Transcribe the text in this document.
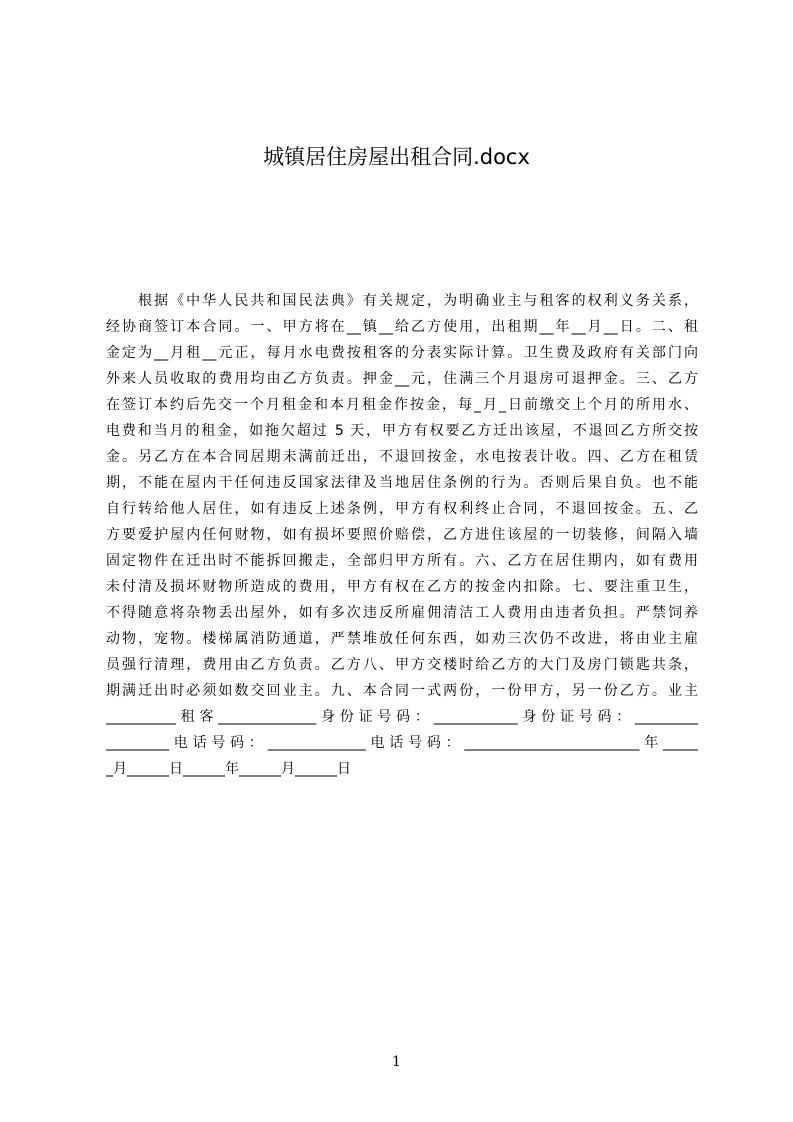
城镇居住房屋出租合同.docx
根据《中华人民共和国民法典》有关规定，为明确业主与租客的权利义务关系，
经协商签订本合同。一、甲方将在__镇__给乙方使用，出租期__年__月__日。二、租
金定为__月租__元正，每月水电费按租客的分表实际计算。卫生费及政府有关部门向
外来人员收取的费用均由乙方负责。押金__元，住满三个月退房可退押金。三、乙方
在签订本约后先交一个月租金和本月租金作按金，每_月_日前缴交上个月的所用水、
电费和当月的租金，如拖欠超过 5 天，甲方有权要乙方迁出该屋，不退回乙方所交按
金。另乙方在本合同居期未满前迁出，不退回按金，水电按表计收。四、乙方在租赁
期，不能在屋内干任何违反国家法律及当地居住条例的行为。否则后果自负。也不能
自行转给他人居住，如有违反上述条例，甲方有权利终止合同，不退回按金。五、乙
方要爱护屋内任何财物，如有损坏要照价赔偿，乙方进住该屋的一切装修，间隔入墙
固定物件在迁出时不能拆回搬走，全部归甲方所有。六、乙方在居住期内，如有费用
未付清及损坏财物所造成的费用，甲方有权在乙方的按金内扣除。七、要注重卫生，
不得随意将杂物丢出屋外，如有多次违反所雇佣清洁工人费用由违者负担。严禁饲养
动物，宠物。楼梯属消防通道，严禁堆放任何东西，如劝三次仍不改进，将由业主雇
员强行清理，费用由乙方负责。乙方八、甲方交楼时给乙方的大门及房门锁匙共条，
期满迁出时必须如数交回业主。九、本合同一式两份，一份甲方，另一份乙方。业主
__________租客______________身份证号码：____________身份证号码：_________
_________电话号码：______________电话号码：_________________________年_____
_月______日______年______月______日
1
